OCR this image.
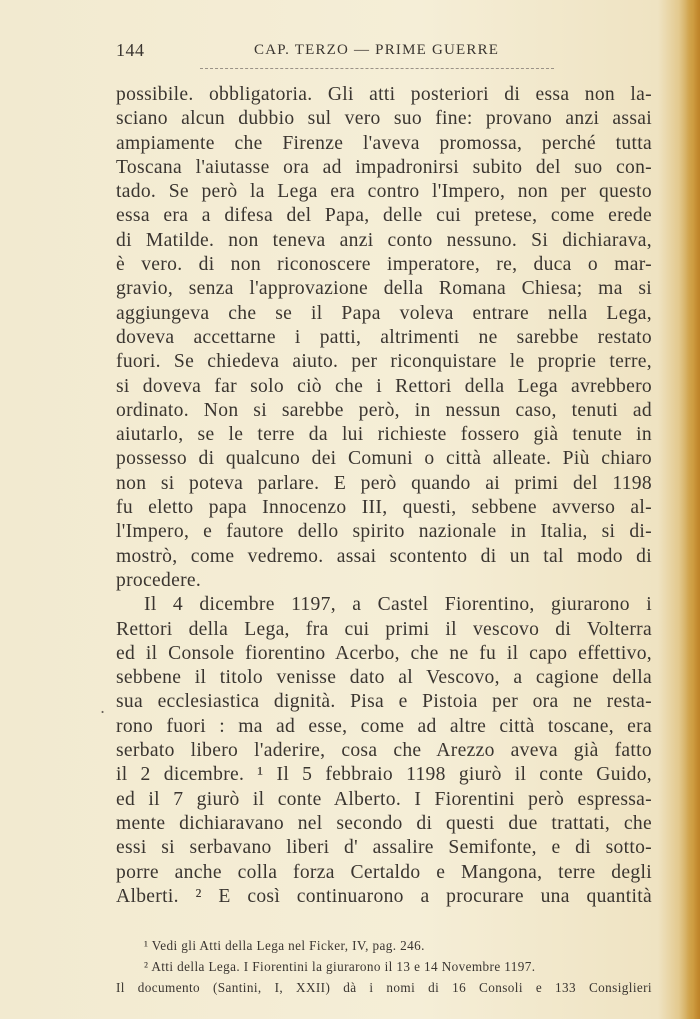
144	CAP. TERZO — PRIME GUERRE
possibile. obbligatoria. Gli atti posteriori di essa non la-
sciano alcun dubbio sul vero suo fine: provano anzi assai
ampiamente che Firenze l'aveva promossa, perché tutta
Toscana l'aiutasse ora ad impadronirsi subito del suo con-
tado. Se però la Lega era contro l'Impero, non per questo
essa era a difesa del Papa, delle cui pretese, come erede
di Matilde. non teneva anzi conto nessuno. Si dichiarava,
è vero. di non riconoscere imperatore, re, duca o mar-
gravio, senza l'approvazione della Romana Chiesa; ma si
aggiungeva che se il Papa voleva entrare nella Lega,
doveva accettarne i patti, altrimenti ne sarebbe restato
fuori. Se chiedeva aiuto. per riconquistare le proprie terre,
si doveva far solo ciò che i Rettori della Lega avrebbero
ordinato. Non si sarebbe però, in nessun caso, tenuti ad
aiutarlo, se le terre da lui richieste fossero già tenute in
possesso di qualcuno dei Comuni o città alleate. Più chiaro
non si poteva parlare. E però quando ai primi del 1198
fu eletto papa Innocenzo III, questi, sebbene avverso al-
l'Impero, e fautore dello spirito nazionale in Italia, si di-
mostrò, come vedremo. assai scontento di un tal modo di
procedere.
Il 4 dicembre 1197, a Castel Fiorentino, giurarono i
Rettori della Lega, fra cui primi il vescovo di Volterra
ed il Console fiorentino Acerbo, che ne fu il capo effettivo,
sebbene il titolo venisse dato al Vescovo, a cagione della
sua ecclesiastica dignità. Pisa e Pistoia per ora ne resta-
rono fuori : ma ad esse, come ad altre città toscane, era
serbato libero l'aderire, cosa che Arezzo aveva già fatto
il 2 dicembre. ¹ Il 5 febbraio 1198 giurò il conte Guido,
ed il 7 giurò il conte Alberto. I Fiorentini però espressa-
mente dichiaravano nel secondo di questi due trattati, che
essi si serbavano liberi d' assalire Semifonte, e di sotto-
porre anche colla forza Certaldo e Mangona, terre degli
Alberti. ² E così continuarono a procurare una quantità
.
¹ Vedi gli Atti della Lega nel Ficker, IV, pag. 246.
² Atti della Lega. I Fiorentini la giurarono il 13 e 14 Novembre 1197.
Il documento (Santini, I, XXII) dà i nomi di 16 Consoli e 133 Consiglieri
